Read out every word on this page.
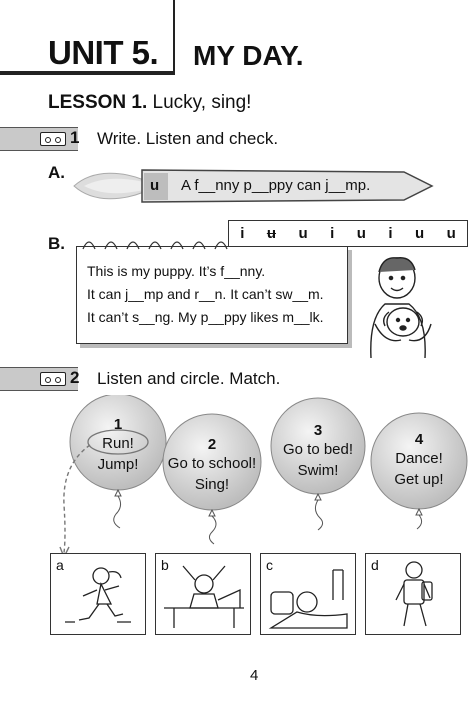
UNIT 5. MY DAY.
LESSON 1. Lucky, sing!
1 Write. Listen and check.
A.
u A f__nny p__ppy can j__mp.
B.
This is my puppy. It’s f__nny.
It can j__mp and r__n. It can’t sw__m.
It can’t s__ng. My p__ppy likes m__lk.
i u u i u i u u
2 Listen and circle. Match.
1
Run!
Jump!
2
Go to school!
Sing!
3
Go to bed!
Swim!
4
Dance!
Get up!
a	b	c	d
4
